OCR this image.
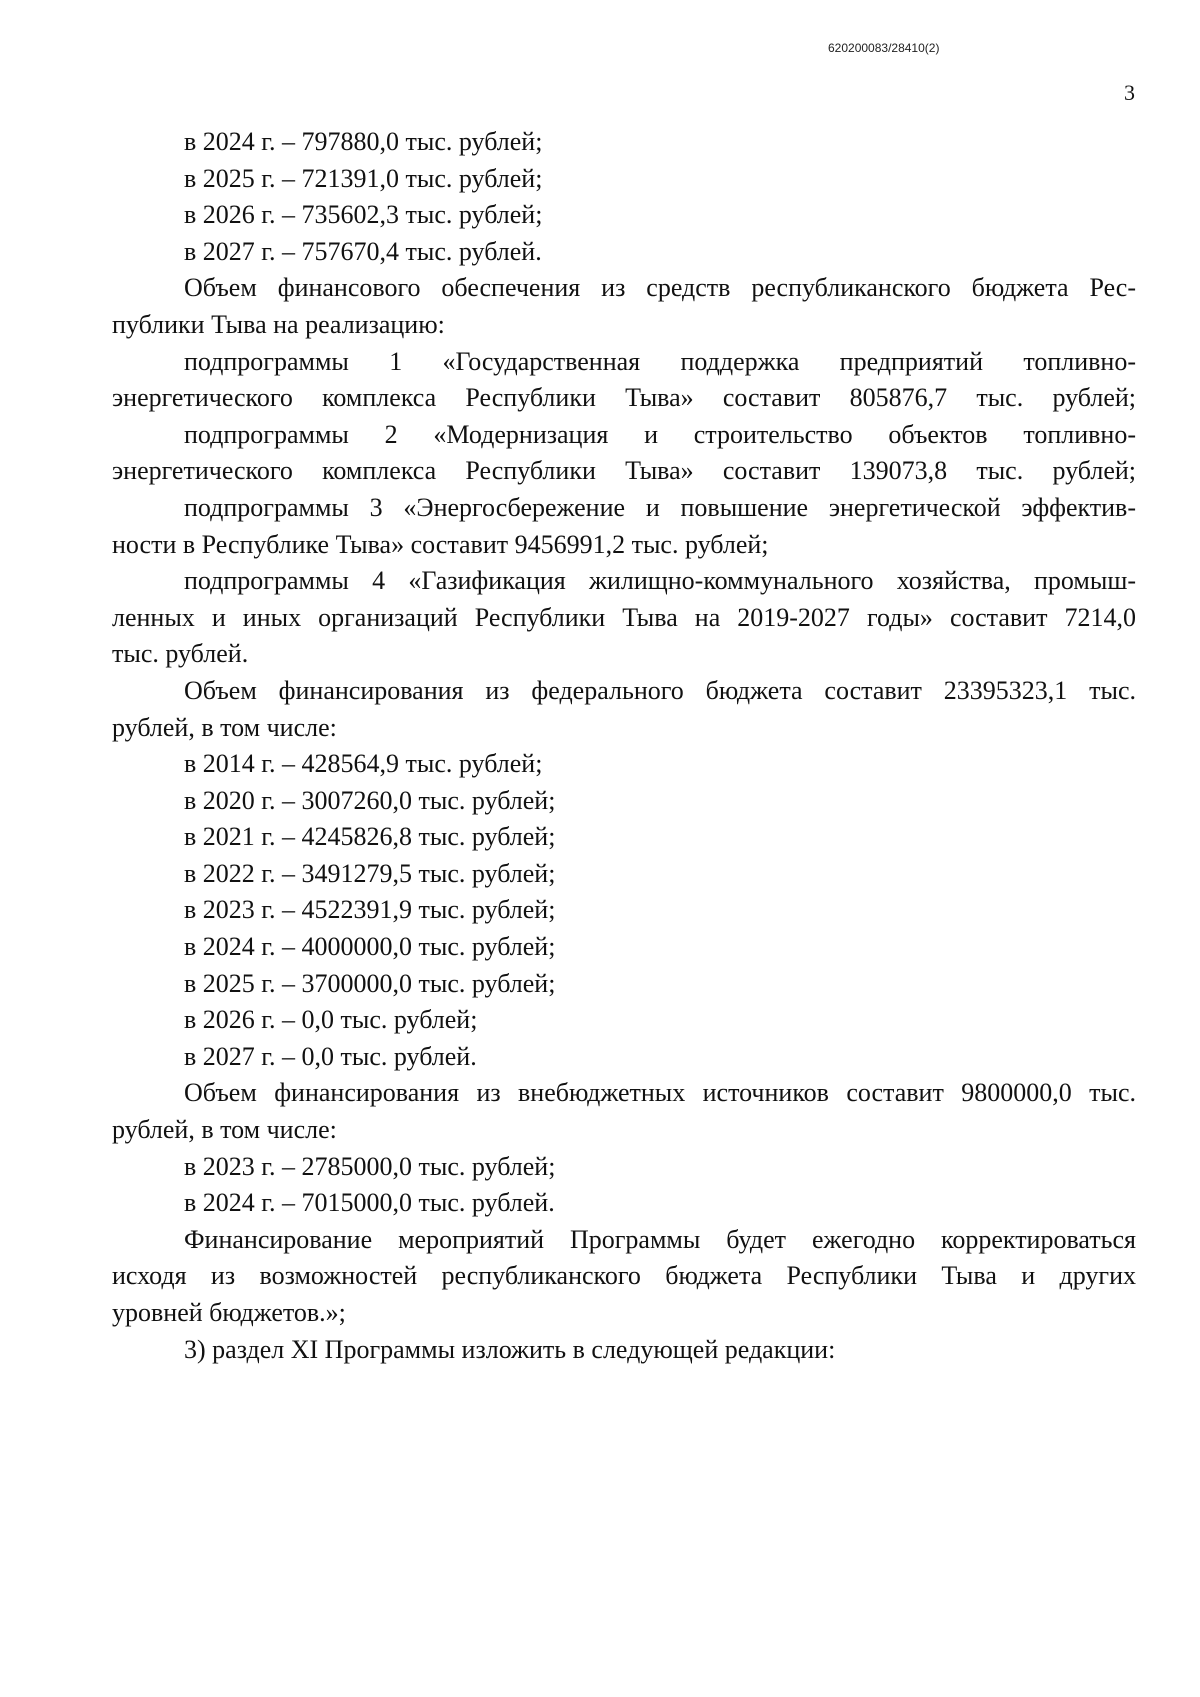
620200083/28410(2)
3
в 2024 г. – 797880,0 тыс. рублей;
в 2025 г. – 721391,0 тыс. рублей;
в 2026 г. – 735602,3 тыс. рублей;
в 2027 г. – 757670,4 тыс. рублей.
Объем финансового обеспечения из средств республиканского бюджета Рес-
публики Тыва на реализацию:
подпрограммы 1 «Государственная поддержка предприятий топливно-
энергетического комплекса Республики Тыва» составит 805876,7 тыс. рублей;
подпрограммы 2 «Модернизация и строительство объектов топливно-
энергетического комплекса Республики Тыва» составит 139073,8 тыс. рублей;
подпрограммы 3 «Энергосбережение и повышение энергетической эффектив-
ности в Республике Тыва» составит 9456991,2 тыс. рублей;
подпрограммы 4 «Газификация жилищно-коммунального хозяйства, промыш-
ленных и иных организаций Республики Тыва на 2019-2027 годы» составит 7214,0
тыс. рублей.
Объем финансирования из федерального бюджета составит 23395323,1 тыс.
рублей, в том числе:
в 2014 г. – 428564,9 тыс. рублей;
в 2020 г. – 3007260,0 тыс. рублей;
в 2021 г. – 4245826,8 тыс. рублей;
в 2022 г. – 3491279,5 тыс. рублей;
в 2023 г. – 4522391,9 тыс. рублей;
в 2024 г. – 4000000,0 тыс. рублей;
в 2025 г. – 3700000,0 тыс. рублей;
в 2026 г. – 0,0 тыс. рублей;
в 2027 г. – 0,0 тыс. рублей.
Объем финансирования из внебюджетных источников составит 9800000,0 тыс.
рублей, в том числе:
в 2023 г. – 2785000,0 тыс. рублей;
в 2024 г. – 7015000,0 тыс. рублей.
Финансирование мероприятий Программы будет ежегодно корректироваться
исходя из возможностей республиканского бюджета Республики Тыва и других
уровней бюджетов.»;
3) раздел XI Программы изложить в следующей редакции:
